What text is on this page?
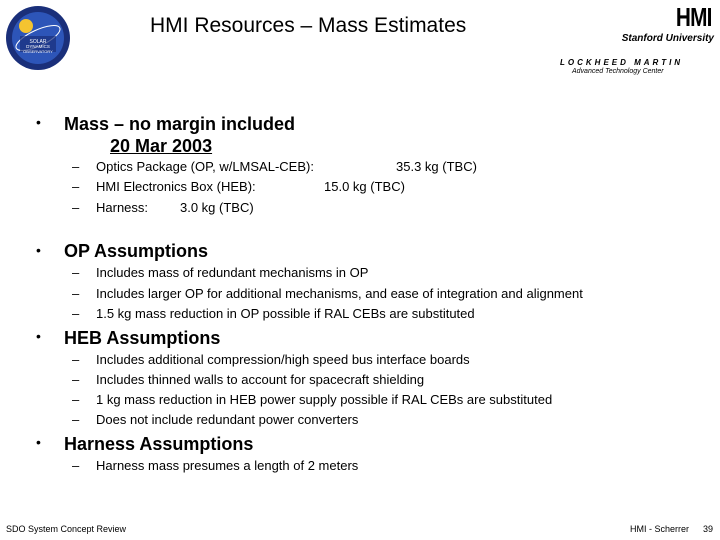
SOLAR
DYNAMICS
OBSERVATORY
HMI Resources – Mass Estimates	HMI
Stanford University
LOCKHEED MARTIN
Advanced Technology Center
• Mass – no margin included
20 Mar 2003
– Optics Package (OP, w/LMSAL-CEB):	35.3 kg (TBC)
– HMI Electronics Box (HEB):	15.0 kg (TBC)
– Harness: 3.0 kg (TBC)
• OP Assumptions
– Includes mass of redundant mechanisms in OP
– Includes larger OP for additional mechanisms, and ease of integration and alignment
– 1.5 kg mass reduction in OP possible if RAL CEBs are substituted
• HEB Assumptions
– Includes additional compression/high speed bus interface boards
– Includes thinned walls to account for spacecraft shielding
– 1 kg mass reduction in HEB power supply possible if RAL CEBs are substituted
– Does not include redundant power converters
• Harness Assumptions
– Harness mass presumes a length of 2 meters
SDO System Concept Review	HMI - Scherrer 39
